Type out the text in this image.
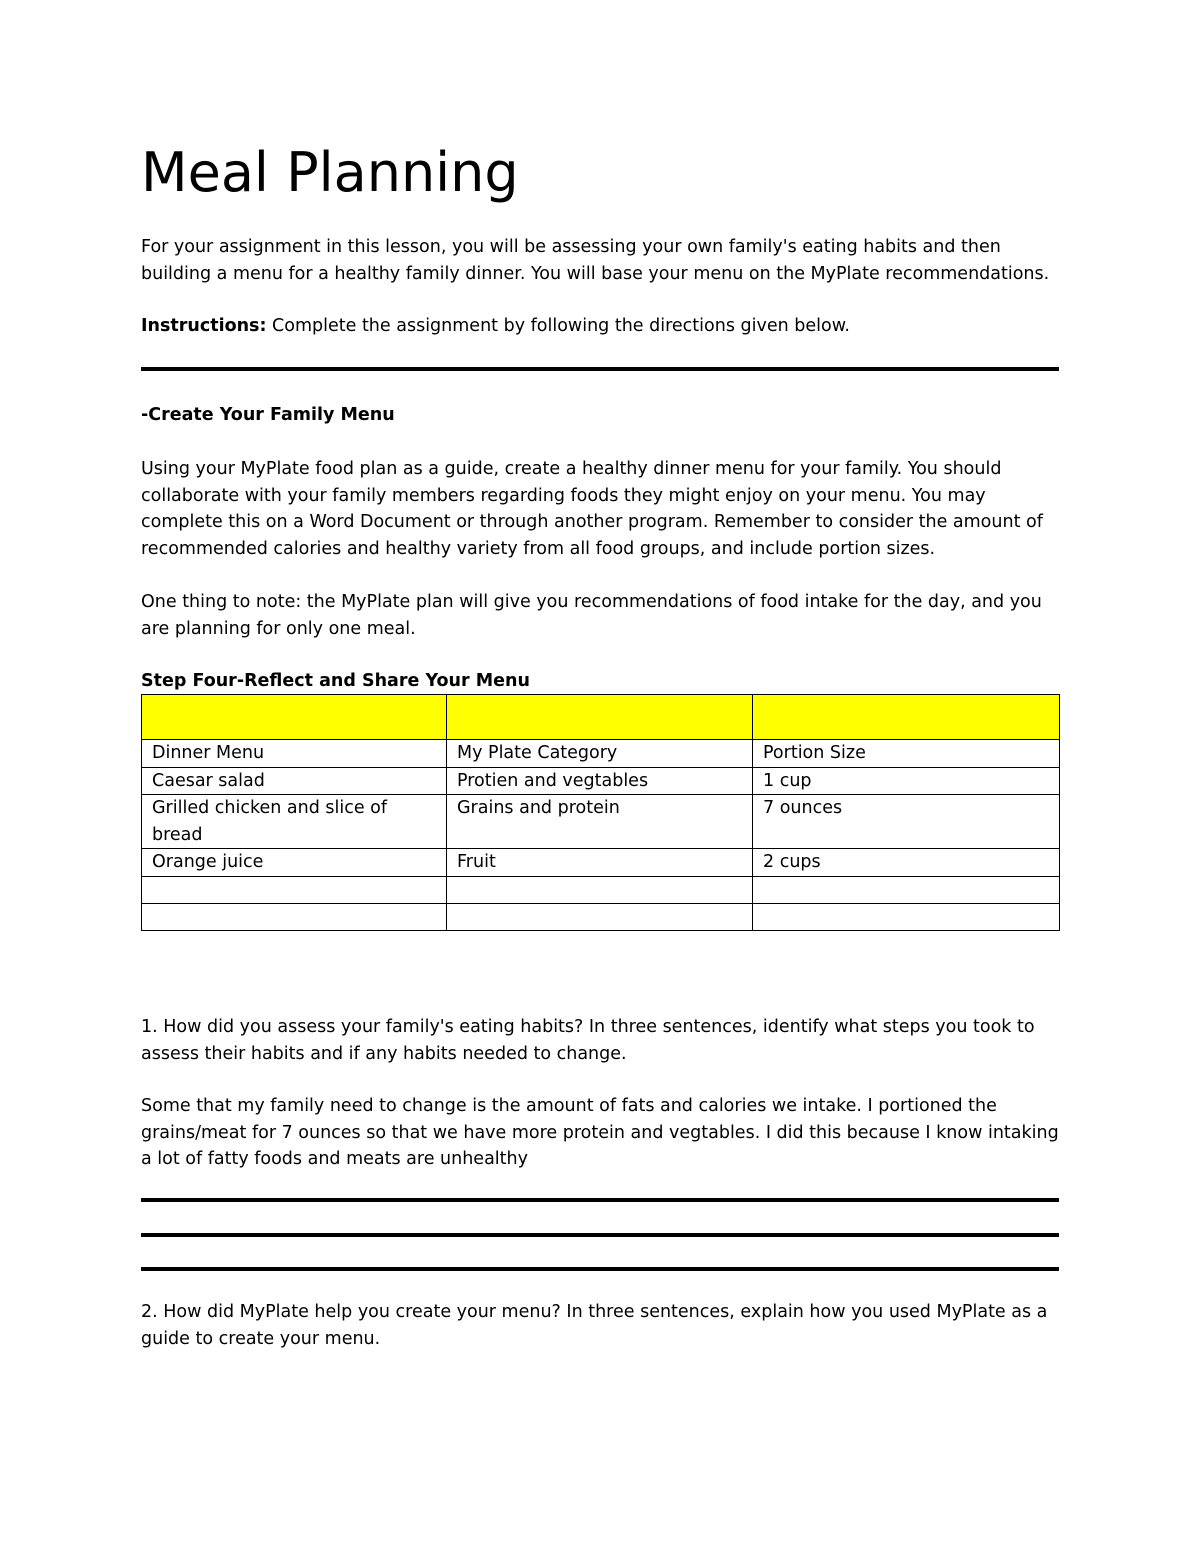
Meal Planning

For your assignment in this lesson, you will be assessing your own family's eating habits and then building a menu for a healthy family dinner. You will base your menu on the MyPlate recommendations.

Instructions: Complete the assignment by following the directions given below.

-Create Your Family Menu

Using your MyPlate food plan as a guide, create a healthy dinner menu for your family. You should collaborate with your family members regarding foods they might enjoy on your menu. You may complete this on a Word Document or through another program. Remember to consider the amount of recommended calories and healthy variety from all food groups, and include portion sizes.

One thing to note: the MyPlate plan will give you recommendations of food intake for the day, and you are planning for only one meal.

Step Four-Reflect and Share Your Menu

Dinner Menu	My Plate Category	Portion Size
Caesar salad	Protien and vegtables	1 cup
Grilled chicken and slice of bread	Grains and protein	7 ounces
Orange juice	Fruit	2 cups

1. How did you assess your family's eating habits? In three sentences, identify what steps you took to assess their habits and if any habits needed to change.

Some that my family need to change is the amount of fats and calories we intake. I portioned the grains/meat for 7 ounces so that we have more protein and vegtables. I did this because I know intaking a lot of fatty foods and meats are unhealthy

2. How did MyPlate help you create your menu? In three sentences, explain how you used MyPlate as a guide to create your menu.
